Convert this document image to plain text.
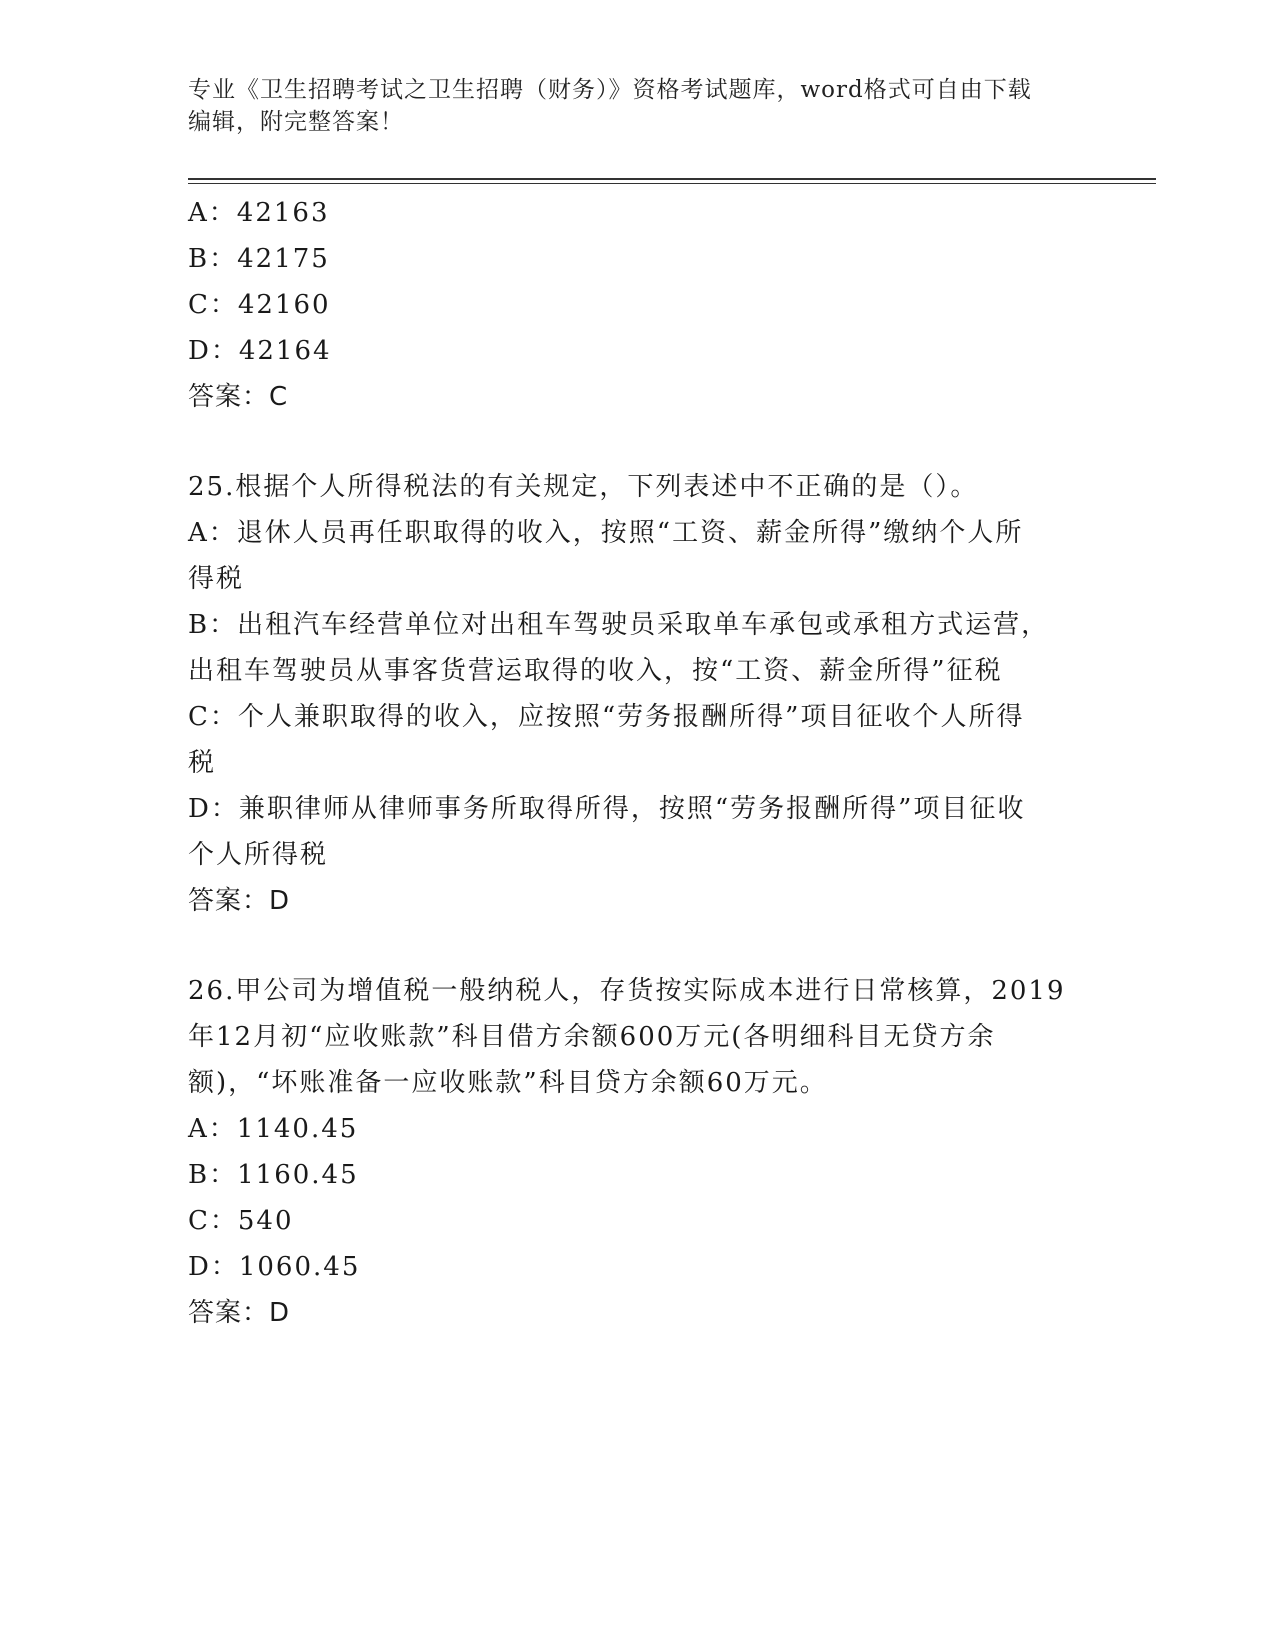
专业《卫生招聘考试之卫生招聘（财务）》资格考试题库，word格式可自由下载
编辑，附完整答案！
A：42163
B：42175
C：42160
D：42164
答案：C
25.根据个人所得税法的有关规定，下列表述中不正确的是（）。
A：退休人员再任职取得的收入，按照“工资、薪金所得”缴纳个人所
得税
B：出租汽车经营单位对出租车驾驶员采取单车承包或承租方式运营，
出租车驾驶员从事客货营运取得的收入，按“工资、薪金所得”征税
C：个人兼职取得的收入，应按照“劳务报酬所得”项目征收个人所得
税
D：兼职律师从律师事务所取得所得，按照“劳务报酬所得”项目征收
个人所得税
答案：D
26.甲公司为增值税一般纳税人，存货按实际成本进行日常核算，2019
年12月初“应收账款”科目借方余额600万元(各明细科目无贷方余
额)，“坏账准备一应收账款”科目贷方余额60万元。
A：1140.45
B：1160.45
C：540
D：1060.45
答案：D
